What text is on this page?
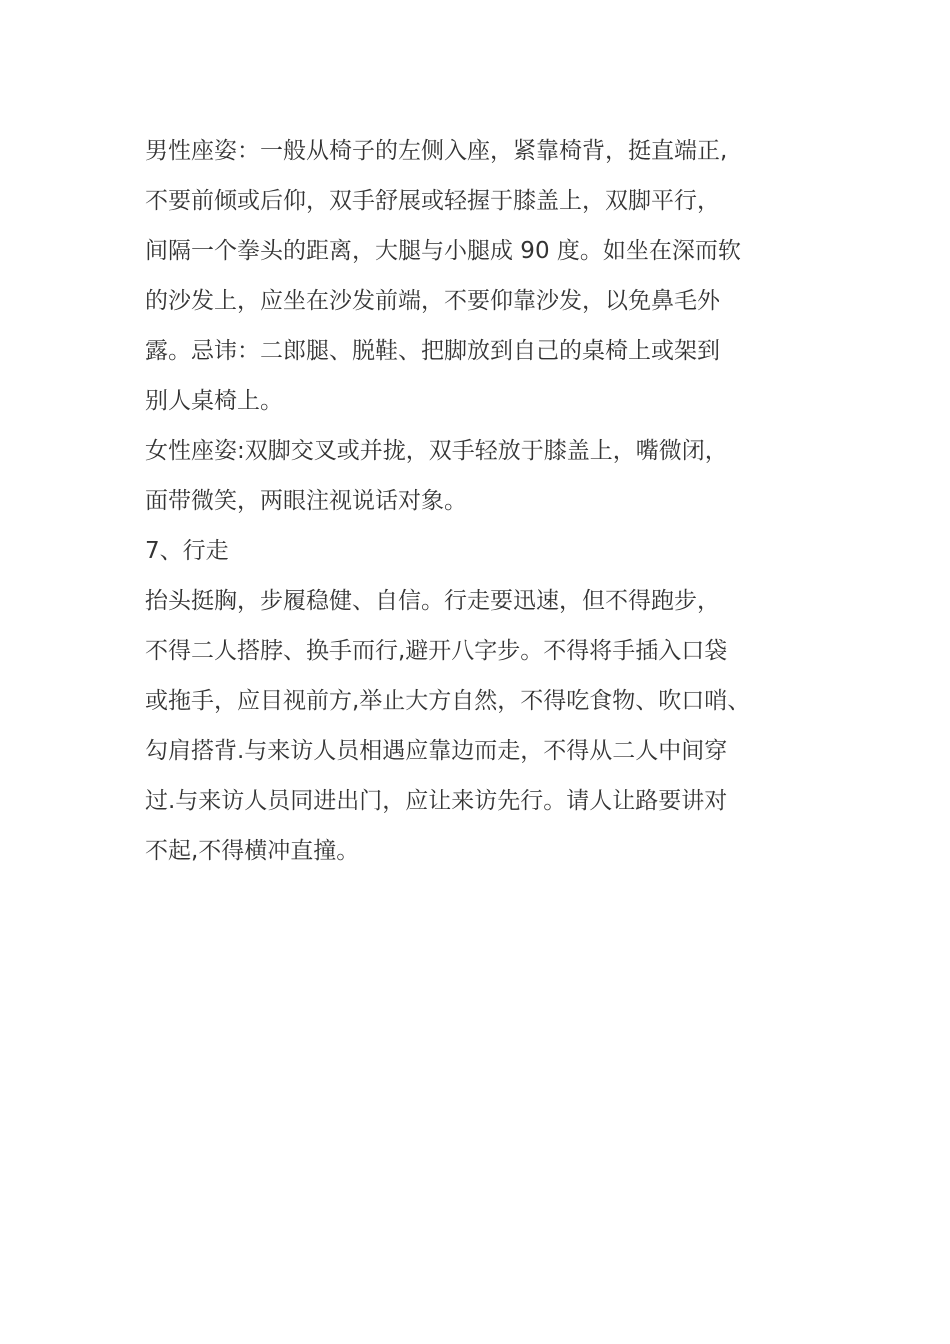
男性座姿：一般从椅子的左侧入座，紧靠椅背，挺直端正,
不要前倾或后仰，双手舒展或轻握于膝盖上，双脚平行，
间隔一个拳头的距离，大腿与小腿成 90 度。如坐在深而软
的沙发上，应坐在沙发前端，不要仰靠沙发，以免鼻毛外
露。忌讳：二郎腿、脱鞋、把脚放到自己的桌椅上或架到
别人桌椅上。
女性座姿:双脚交叉或并拢，双手轻放于膝盖上，嘴微闭，
面带微笑，两眼注视说话对象。
7、行走
抬头挺胸，步履稳健、自信。行走要迅速，但不得跑步，
不得二人搭脖、换手而行,避开八字步。不得将手插入口袋
或拖手，应目视前方,举止大方自然，不得吃食物、吹口哨、
勾肩搭背.与来访人员相遇应靠边而走，不得从二人中间穿
过.与来访人员同进出门，应让来访先行。请人让路要讲对
不起,不得横冲直撞。
